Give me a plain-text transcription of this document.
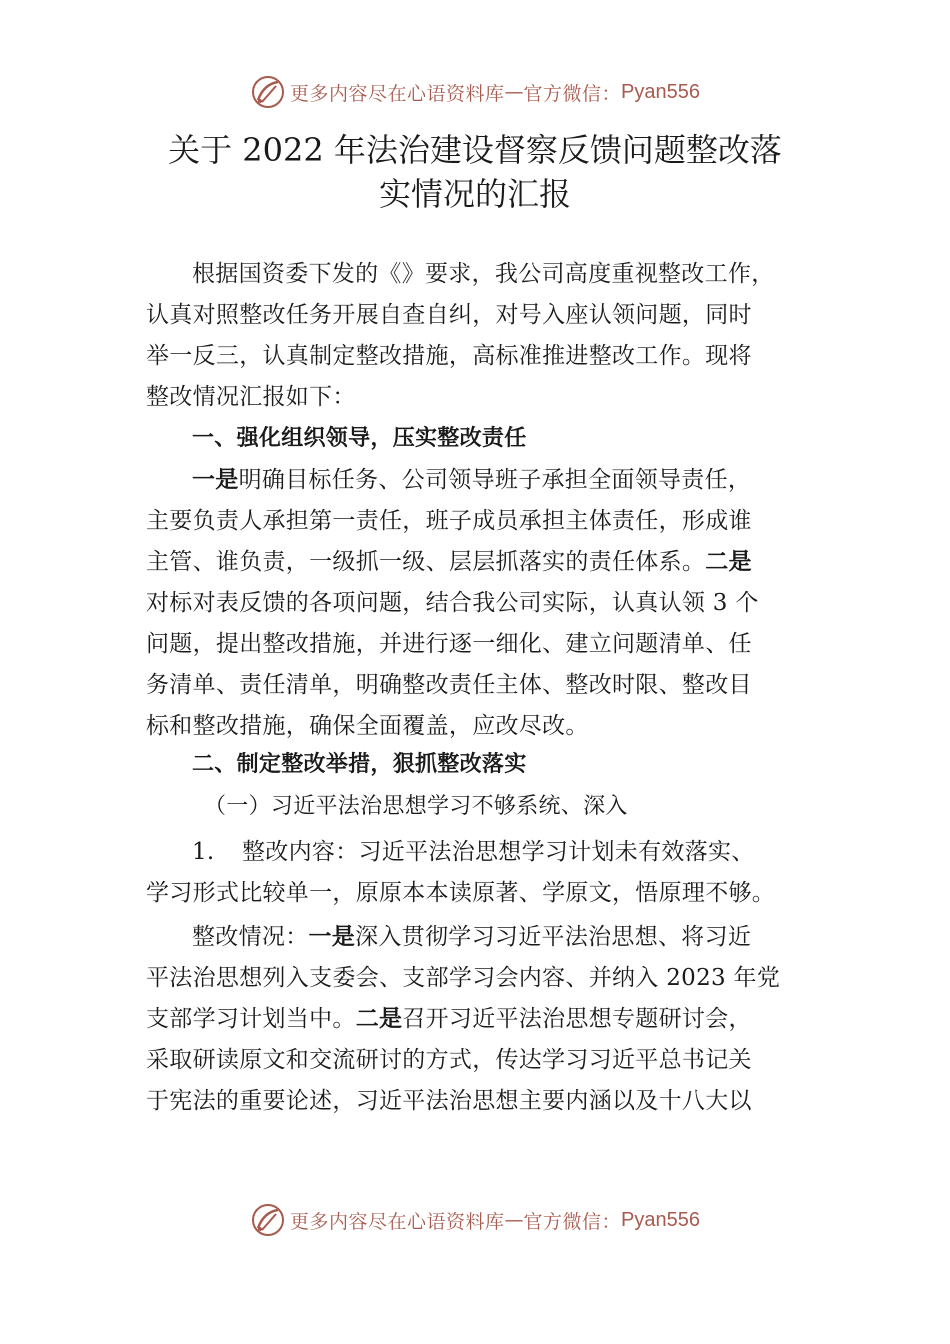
更多内容尽在心语资料库 — 官方微信： Pyan556
关于 2022 年法治建设督察反馈问题整改落
实情况的汇报
根据国资委下发的《》要求，我公司高度重视整改工作，
认真对照整改任务开展自查自纠，对号入座认领问题，同时
举一反三，认真制定整改措施，高标准推进整改工作。现将
整改情况汇报如下：
一、强化组织领导，压实整改责任
一是明确目标任务、公司领导班子承担全面领导责任，
主要负责人承担第一责任，班子成员承担主体责任，形成谁
主管、谁负责，一级抓一级、层层抓落实的责任体系。二是
对标对表反馈的各项问题，结合我公司实际，认真认领 3 个
问题，提出整改措施，并进行逐一细化、建立问题清单、任
务清单、责任清单，明确整改责任主体、整改时限、整改目
标和整改措施，确保全面覆盖，应改尽改。
二、制定整改举措，狠抓整改落实
（一）习近平法治思想学习不够系统、深入
1. 整改内容：习近平法治思想学习计划未有效落实、
学习形式比较单一，原原本本读原著、学原文，悟原理不够。
整改情况：一是深入贯彻学习习近平法治思想、将习近
平法治思想列入支委会、支部学习会内容、并纳入 2023 年党
支部学习计划当中。二是召开习近平法治思想专题研讨会，
采取研读原文和交流研讨的方式，传达学习习近平总书记关
于宪法的重要论述，习近平法治思想主要内涵以及十八大以
更多内容尽在心语资料库 — 官方微信： Pyan556
